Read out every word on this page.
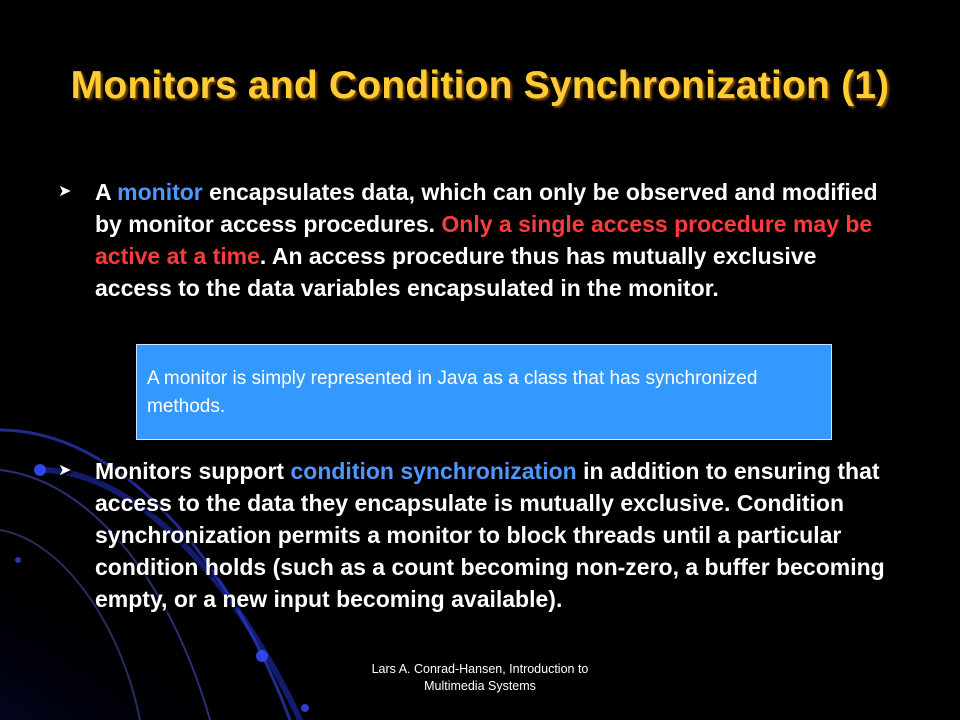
Monitors and Condition Synchronization (1)
➤ A monitor encapsulates data, which can only be observed and modified by monitor access procedures. Only a single access procedure may be active at a time. An access procedure thus has mutually exclusive access to the data variables encapsulated in the monitor.
A monitor is simply represented in Java as a class that has synchronized methods.
➤ Monitors support condition synchronization in addition to ensuring that access to the data they encapsulate is mutually exclusive. Condition synchronization permits a monitor to block threads until a particular condition holds (such as a count becoming non-zero, a buffer becoming empty, or a new input becoming available).
Lars A. Conrad-Hansen, Introduction to
Multimedia Systems
